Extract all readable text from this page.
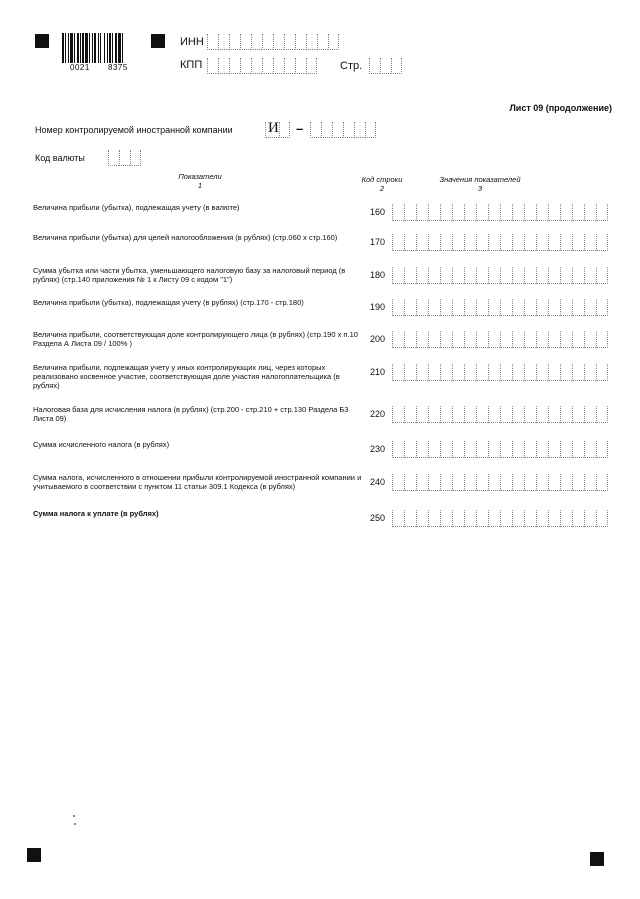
0021 8375
ИНН
КПП	Стр.
Лист 09 (продолжение)
Номер контролируемой иностранной компании И –
Код валюты
Показатели
1
Код строки
2
Значения показателей
3
Величина прибыли (убытка), подлежащая учету (в валюте)	160
Величина прибыли (убытка) для целей налогообложения (в рублях) (стр.060 х стр.160)	170
Сумма убытка или части убытка, уменьшающего налоговую базу за налоговый период (в рублях) (стр.140 приложения № 1 к Листу 09 с кодом "1")	180
Величина прибыли (убытка), подлежащая учету (в рублях) (стр.170 - стр.180)	190
Величина прибыли, соответствующая доле контролирующего лица (в рублях) (стр.190 х п.10 Раздела А Листа 09 / 100% )	200
Величина прибыли, подлежащая учету у иных контролирующих лиц, через которых реализовано косвенное участие, соответствующая доле участия налогоплательщика (в рублях)
210
Налоговая база для исчисления налога (в рублях) (стр.200 - стр.210 + стр.130 Раздела Б3 Листа 09)	220
Сумма исчисленного налога (в рублях)	230
Сумма налога, исчисленного в отношении прибыли контролируемой иностранной компании и учитываемого в соответствии с пунктом 11 статьи 309.1 Кодекса (в рублях)	240
Сумма налога к уплате (в рублях)	250
